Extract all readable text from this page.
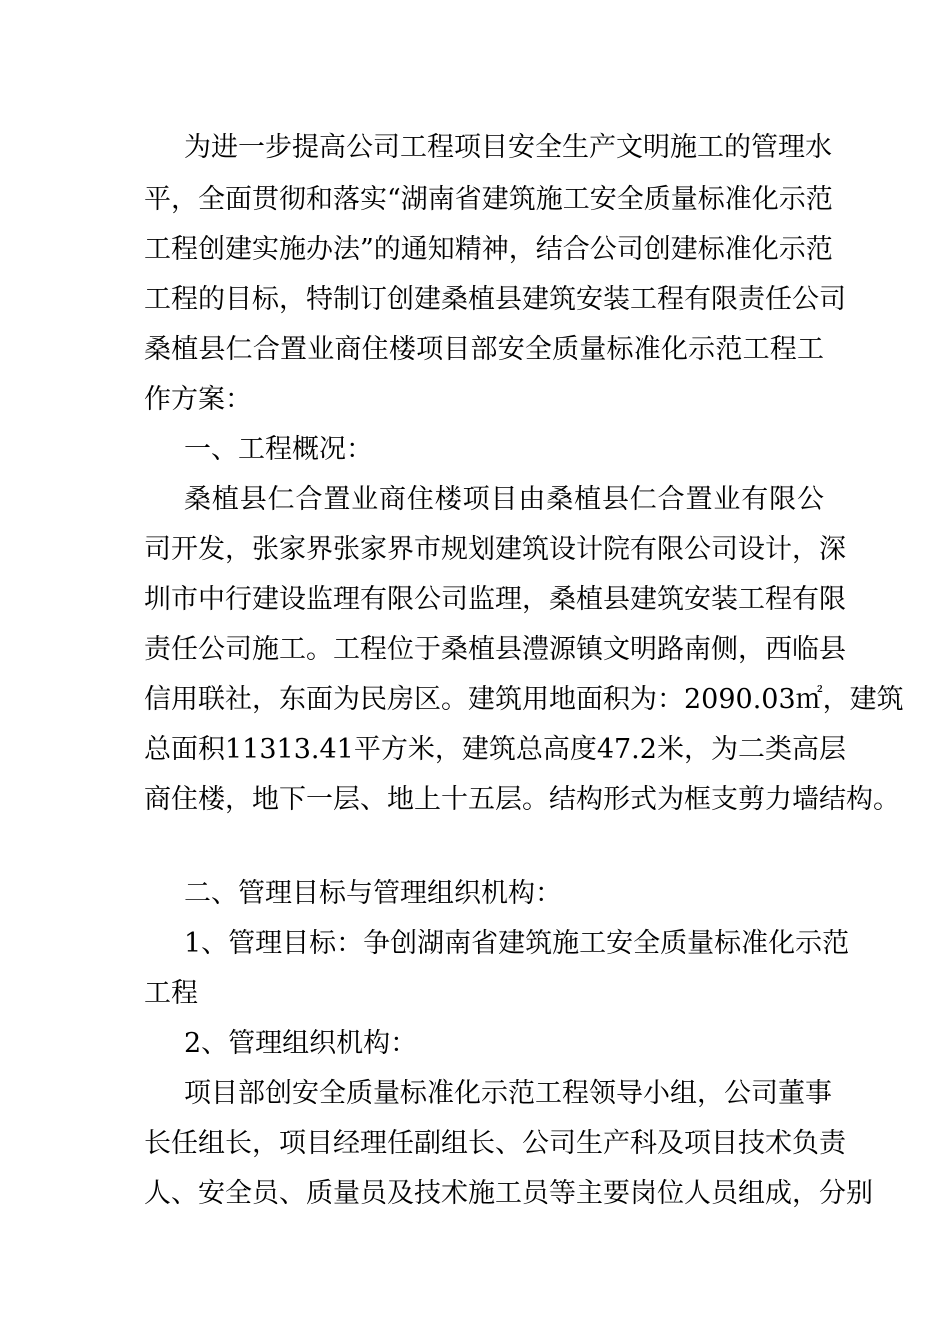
为进一步提高公司工程项目安全生产文明施工的管理水
平，全面贯彻和落实“湖南省建筑施工安全质量标准化示范
工程创建实施办法”的通知精神，结合公司创建标准化示范
工程的目标，特制订创建桑植县建筑安装工程有限责任公司
桑植县仁合置业商住楼项目部安全质量标准化示范工程工
作方案：
一、工程概况：
桑植县仁合置业商住楼项目由桑植县仁合置业有限公
司开发，张家界张家界市规划建筑设计院有限公司设计，深
圳市中行建设监理有限公司监理，桑植县建筑安装工程有限
责任公司施工。工程位于桑植县澧源镇文明路南侧，西临县
信用联社，东面为民房区。建筑用地面积为：2090.03㎡，建筑
总面积11313.41平方米，建筑总高度47.2米，为二类高层
商住楼，地下一层、地上十五层。结构形式为框支剪力墙结构。
二、管理目标与管理组织机构：
1、管理目标：争创湖南省建筑施工安全质量标准化示范
工程
2、管理组织机构：
项目部创安全质量标准化示范工程领导小组，公司董事
长任组长，项目经理任副组长、公司生产科及项目技术负责
人、安全员、质量员及技术施工员等主要岗位人员组成，分别
